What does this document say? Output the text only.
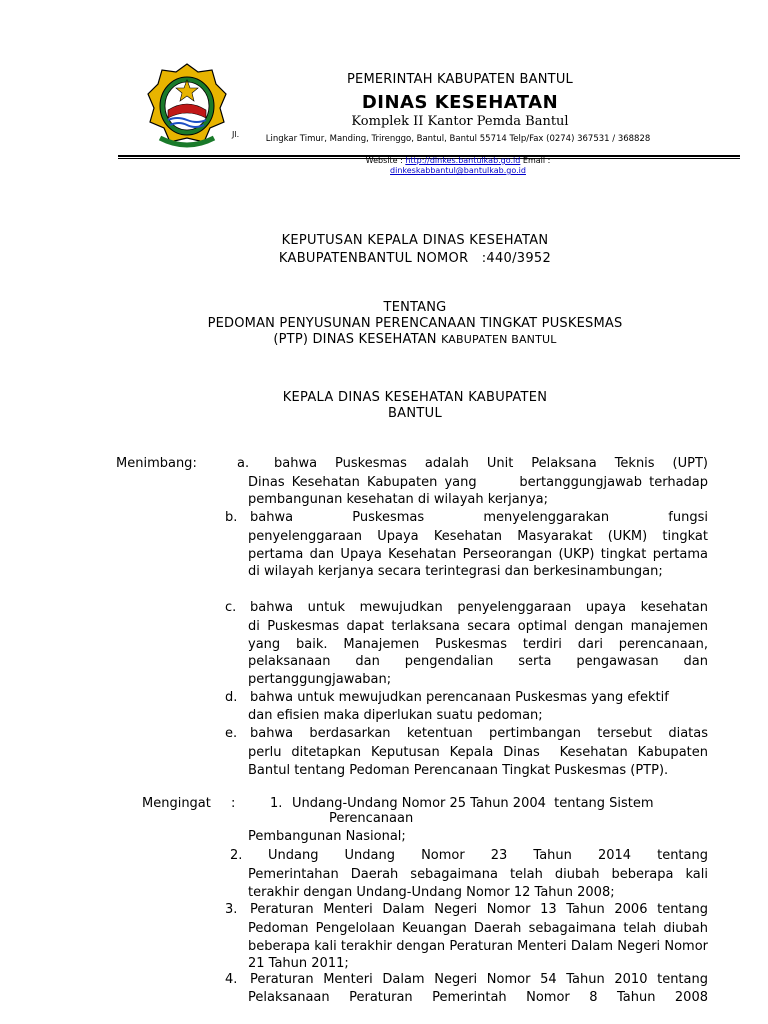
PEMERINTAH KABUPATEN BANTUL
DINAS KESEHATAN
Komplek II Kantor Pemda Bantul
Jl.	Lingkar Timur, Manding, Trirenggo, Bantul, Bantul 55714 Telp/Fax (0274) 367531 / 368828
Website : http://dinkes.bantulkab.go.id Email :
dinkeskabbantul@bantulkab.go.id
KEPUTUSAN KEPALA DINAS KESEHATAN
KABUPATENBANTUL NOMOR   :440/3952
TENTANG
PEDOMAN PENYUSUNAN PERENCANAAN TINGKAT PUSKESMAS
(PTP) DINAS KESEHATAN KABUPATEN BANTUL
KEPALA DINAS KESEHATAN KABUPATEN
BANTUL
Menimbang:	a. bahwa Puskesmas adalah Unit Pelaksana Teknis (UPT)
Dinas Kesehatan Kabupaten yang      bertanggungjawab terhadap pembangunan kesehatan di wilayah kerjanya;
b. bahwa Puskesmas menyelenggarakan fungsi
penyelenggaraan Upaya Kesehatan Masyarakat (UKM) tingkat pertama dan Upaya Kesehatan Perseorangan (UKP) tingkat pertama di wilayah kerjanya secara terintegrasi dan berkesinambungan;
c. bahwa untuk mewujudkan penyelenggaraan upaya kesehatan
di Puskesmas dapat terlaksana secara optimal dengan manajemen yang baik. Manajemen Puskesmas terdiri dari perencanaan, pelaksanaan dan pengendalian serta pengawasan dan pertanggungjawaban;
d. bahwa untuk mewujudkan perencanaan Puskesmas yang efektif
dan efisien maka diperlukan suatu pedoman;
e. bahwa berdasarkan ketentuan pertimbangan tersebut diatas
perlu ditetapkan Keputusan Kepala Dinas  Kesehatan Kabupaten Bantul tentang Pedoman Perencanaan Tingkat Puskesmas (PTP).
Mengingat :	1. Undang-Undang Nomor 25 Tahun 2004  tentang Sistem
Perencanaan
Pembangunan Nasional;
2. Undang Undang Nomor 23 Tahun 2014 tentang
Pemerintahan Daerah sebagaimana telah diubah beberapa kali terakhir dengan Undang-Undang Nomor 12 Tahun 2008;
3. Peraturan Menteri Dalam Negeri Nomor 13 Tahun 2006 tentang
Pedoman Pengelolaan Keuangan Daerah sebagaimana telah diubah beberapa kali terakhir dengan Peraturan Menteri Dalam Negeri Nomor 21 Tahun 2011;
4. Peraturan Menteri Dalam Negeri Nomor 54 Tahun 2010 tentang
Pelaksanaan Peraturan Pemerintah Nomor 8 Tahun 2008
